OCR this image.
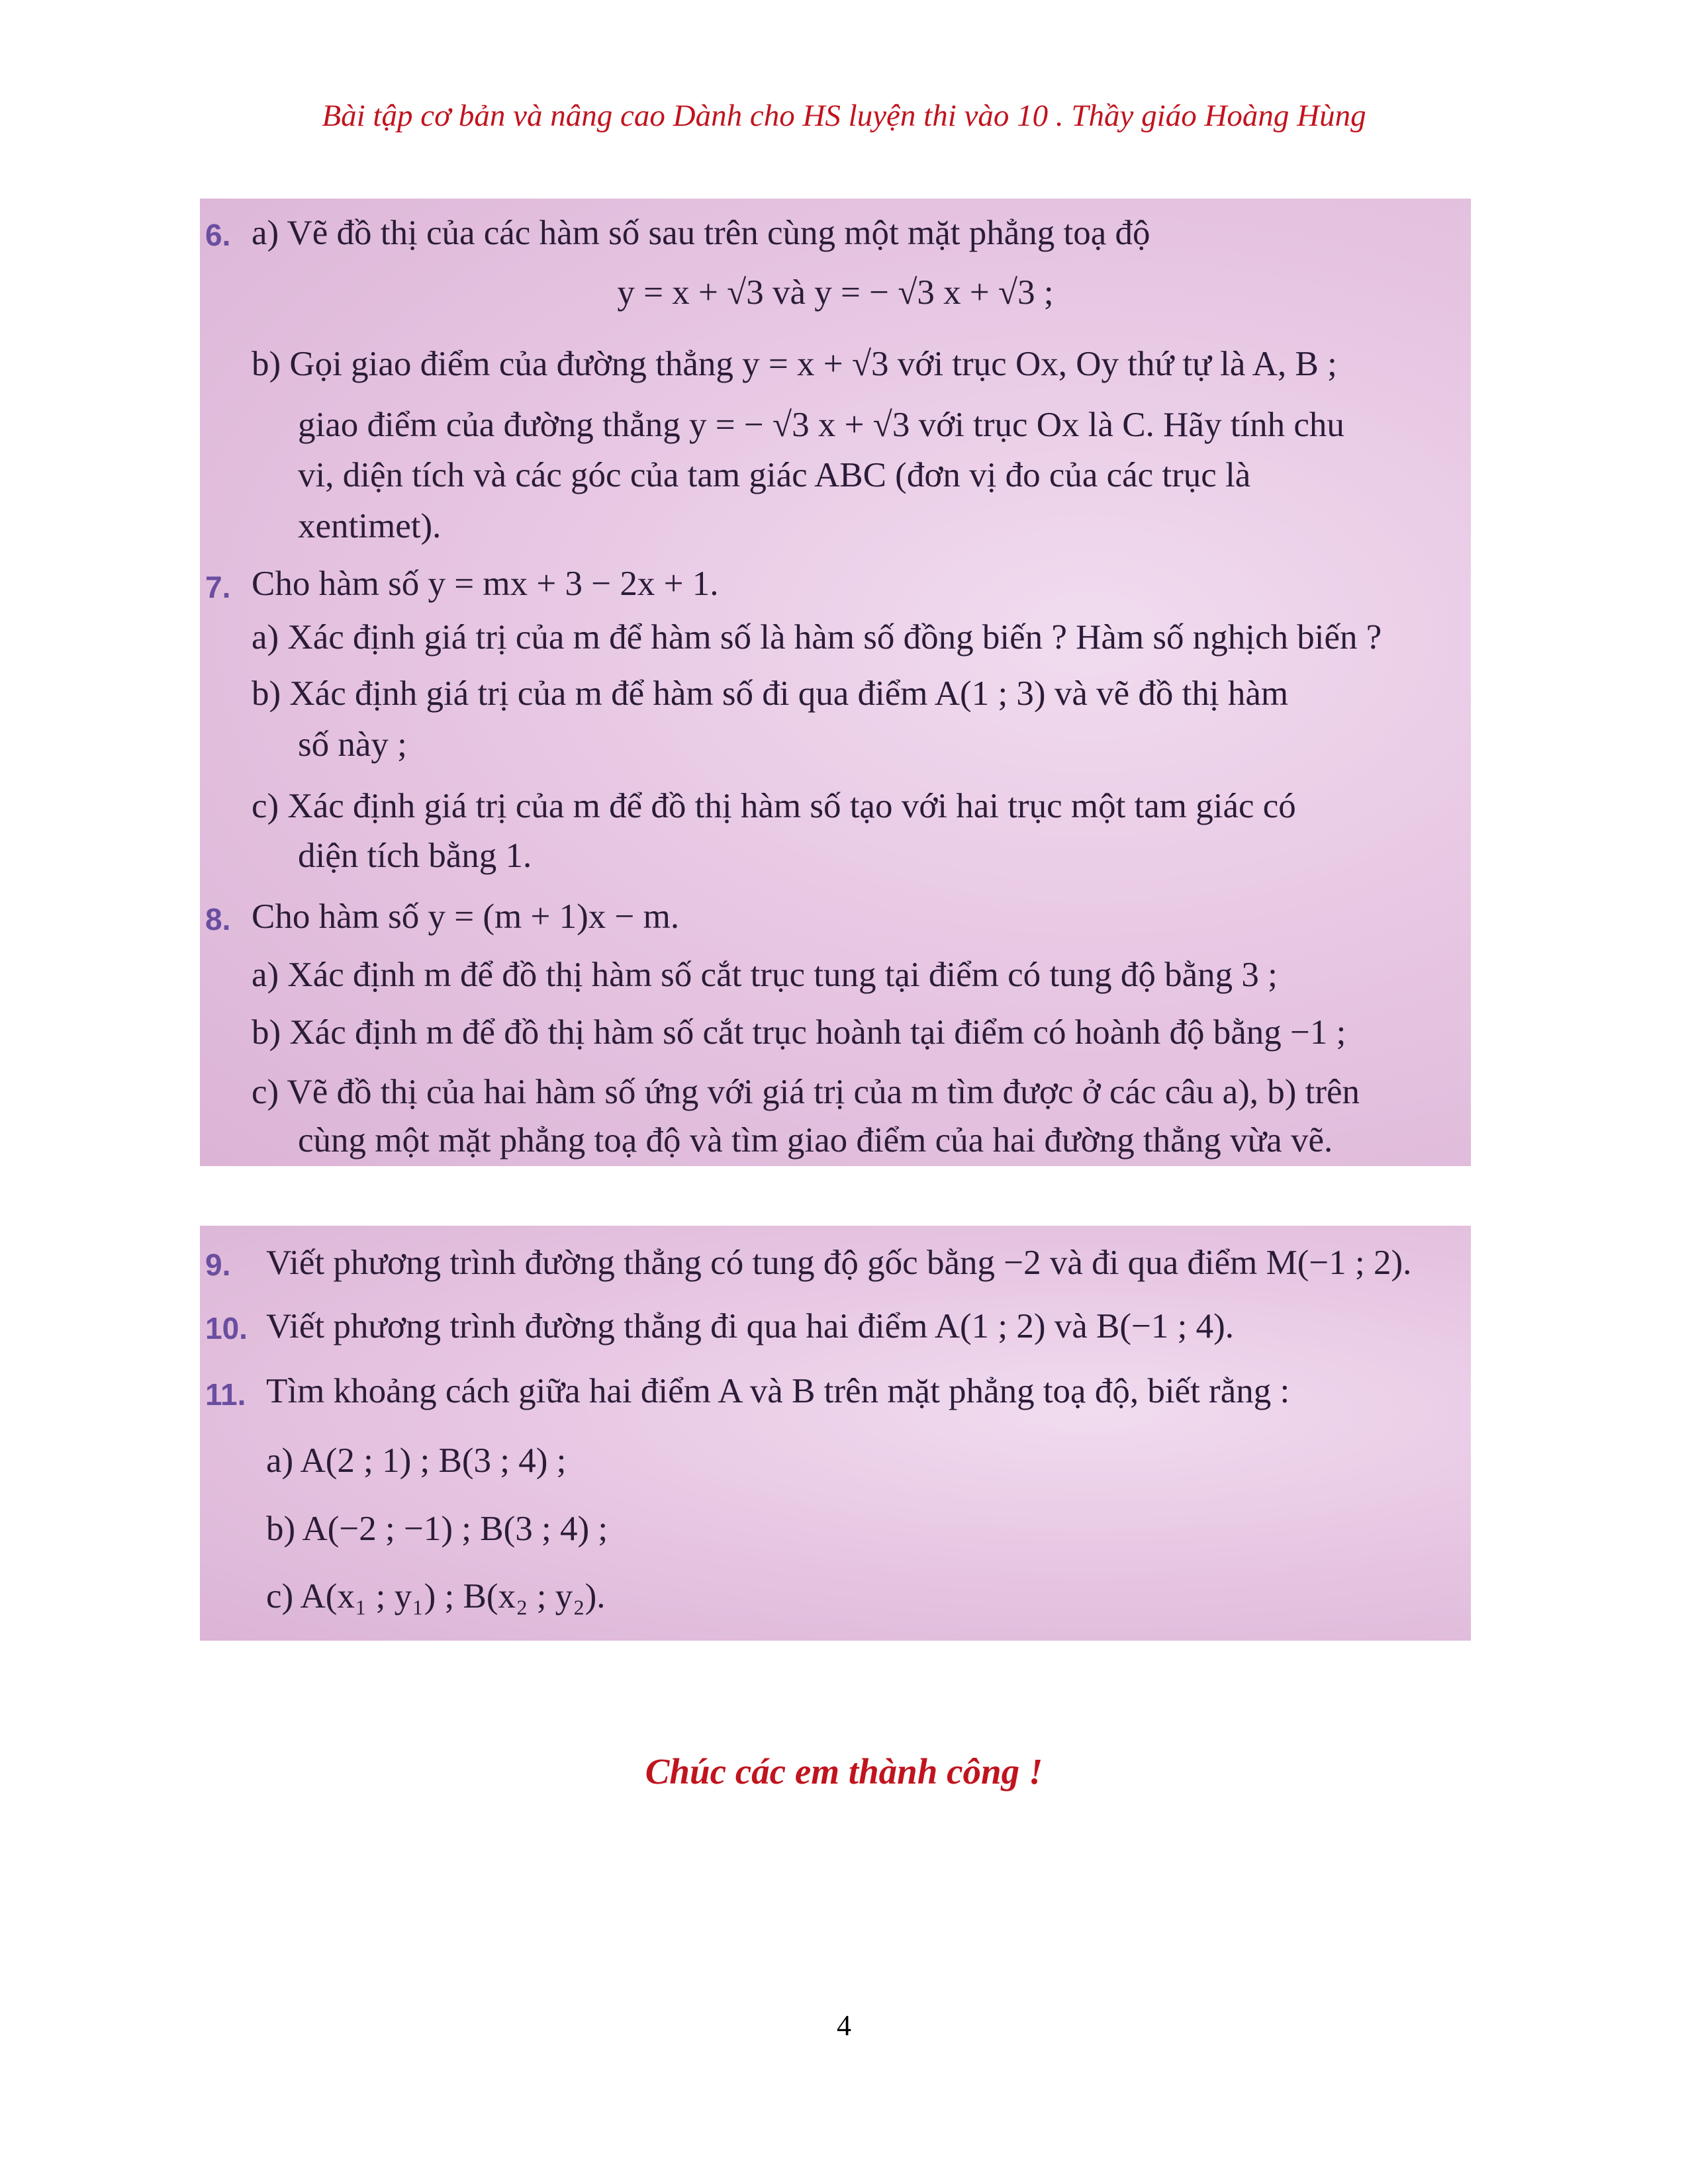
Bài tập cơ bản và nâng cao Dành cho HS luyện thi vào 10 . Thầy giáo Hoàng Hùng
6. a) Vẽ đồ thị của các hàm số sau trên cùng một mặt phẳng toạ độ
y = x + √3 và y = − √3 x + √3 ;
b) Gọi giao điểm của đường thẳng y = x + √3 với trục Ox, Oy thứ tự là A, B ;
giao điểm của đường thẳng y = − √3 x + √3 với trục Ox là C. Hãy tính chu
vi, diện tích và các góc của tam giác ABC (đơn vị đo của các trục là
xentimet).
7. Cho hàm số y = mx + 3 − 2x + 1.
a) Xác định giá trị của m để hàm số là hàm số đồng biến ? Hàm số nghịch biến ?
b) Xác định giá trị của m để hàm số đi qua điểm A(1 ; 3) và vẽ đồ thị hàm
số này ;
c) Xác định giá trị của m để đồ thị hàm số tạo với hai trục một tam giác có
diện tích bằng 1.
8. Cho hàm số y = (m + 1)x − m.
a) Xác định m để đồ thị hàm số cắt trục tung tại điểm có tung độ bằng 3 ;
b) Xác định m để đồ thị hàm số cắt trục hoành tại điểm có hoành độ bằng −1 ;
c) Vẽ đồ thị của hai hàm số ứng với giá trị của m tìm được ở các câu a), b) trên
cùng một mặt phẳng toạ độ và tìm giao điểm của hai đường thẳng vừa vẽ.
9. Viết phương trình đường thẳng có tung độ gốc bằng −2 và đi qua điểm M(−1 ; 2).
10. Viết phương trình đường thẳng đi qua hai điểm A(1 ; 2) và B(−1 ; 4).
11. Tìm khoảng cách giữa hai điểm A và B trên mặt phẳng toạ độ, biết rằng :
a) A(2 ; 1) ; B(3 ; 4) ;
b) A(−2 ; −1) ; B(3 ; 4) ;
c) A(x₁ ; y₁) ; B(x₂ ; y₂).
Chúc các em thành công !
4
